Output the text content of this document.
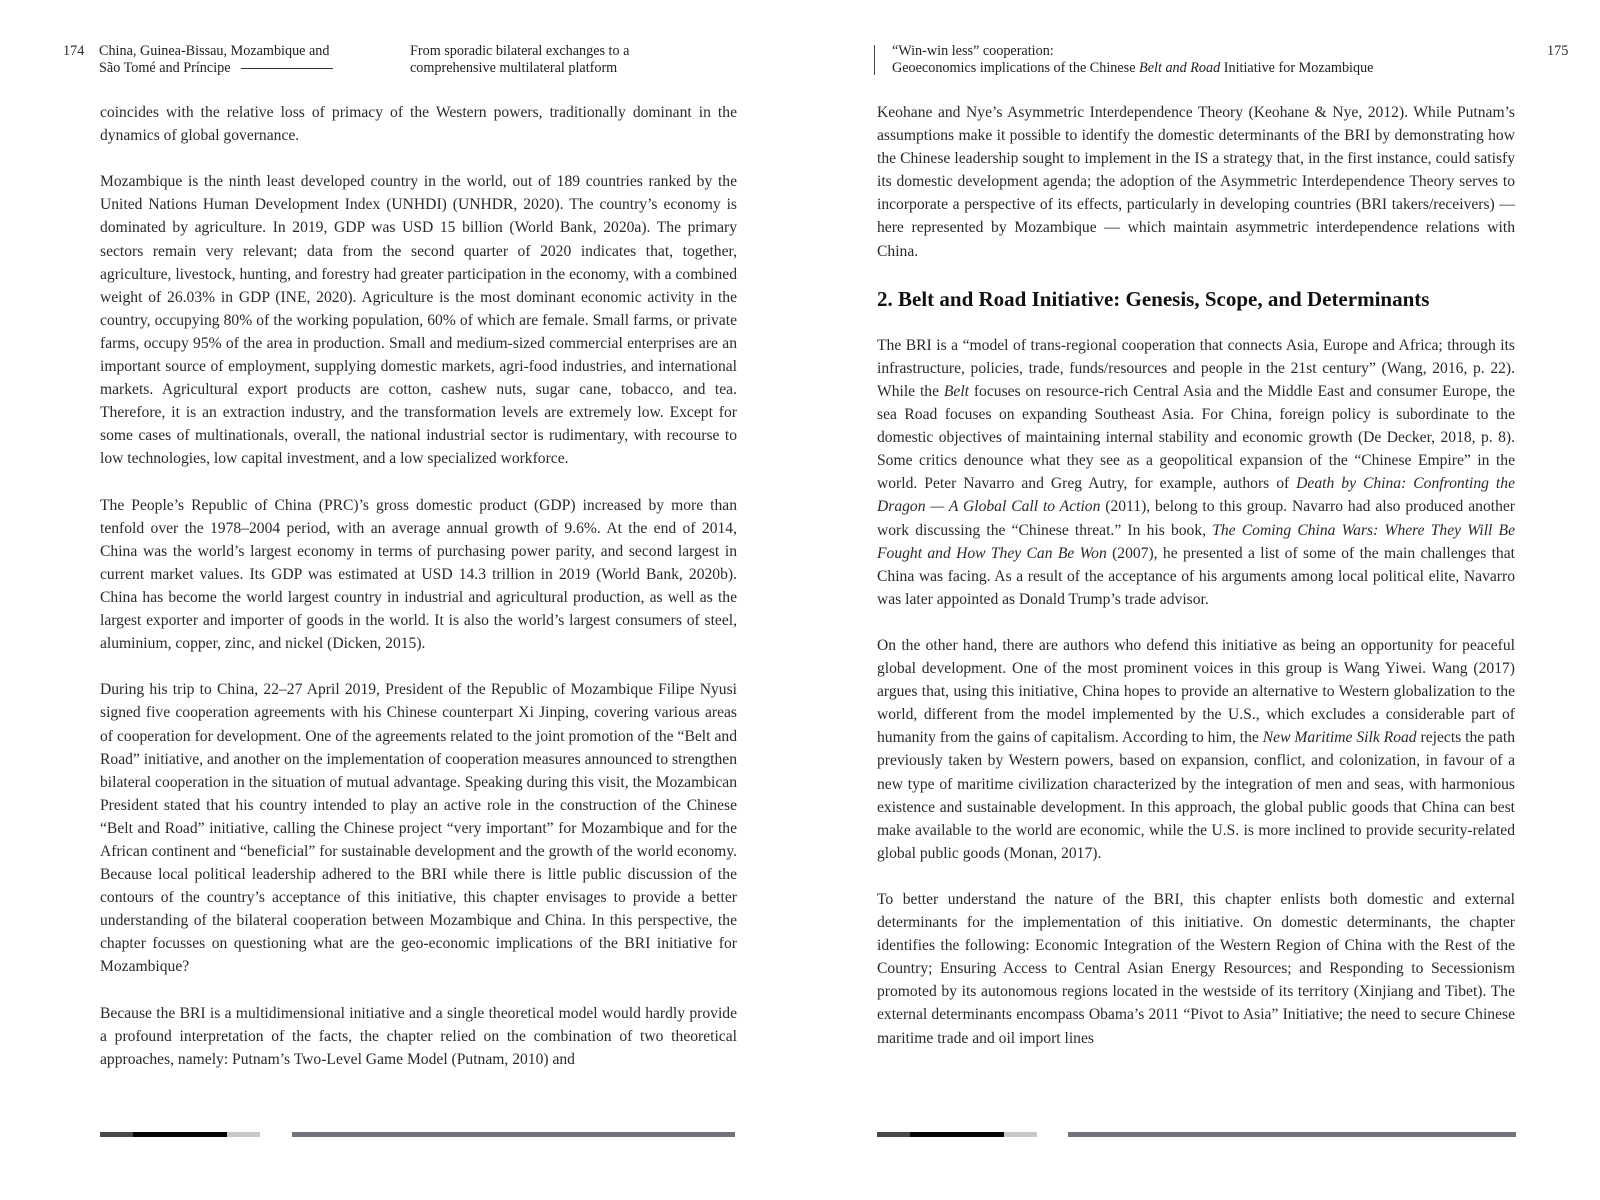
174 China, Guinea-Bissau, Mozambique and
São Tomé and Príncipe
From sporadic bilateral exchanges to a
comprehensive multilateral platform

coincides with the relative loss of primacy of the Western powers, traditionally dominant in the dynamics of global governance.

Mozambique is the ninth least developed country in the world, out of 189 countries ranked by the United Nations Human Development Index (UNHDI) (UNHDR, 2020). The country’s economy is dominated by agriculture. In 2019, GDP was USD 15 billion (World Bank, 2020a). The primary sectors remain very relevant; data from the second quarter of 2020 indicates that, together, agriculture, livestock, hunting, and forestry had greater participation in the economy, with a combined weight of 26.03% in GDP (INE, 2020). Agriculture is the most dominant economic activity in the country, occupying 80% of the working population, 60% of which are female. Small farms, or private farms, occupy 95% of the area in production. Small and medium-sized commercial enterprises are an important source of employment, supplying domestic markets, agri-food industries, and international markets. Agricultural export products are cotton, cashew nuts, sugar cane, tobacco, and tea. Therefore, it is an extraction industry, and the transformation levels are extremely low. Except for some cases of multinationals, overall, the national industrial sector is rudimentary, with recourse to low technologies, low capital investment, and a low specialized workforce.

The People’s Republic of China (PRC)’s gross domestic product (GDP) increased by more than tenfold over the 1978–2004 period, with an average annual growth of 9.6%. At the end of 2014, China was the world’s largest economy in terms of purchasing power parity, and second largest in current market values. Its GDP was estimated at USD 14.3 trillion in 2019 (World Bank, 2020b). China has become the world largest country in industrial and agricultural production, as well as the largest exporter and importer of goods in the world. It is also the world’s largest consumers of steel, aluminium, copper, zinc, and nickel (Dicken, 2015).

During his trip to China, 22–27 April 2019, President of the Republic of Mozambique Filipe Nyusi signed five cooperation agreements with his Chinese counterpart Xi Jinping, covering various areas of cooperation for development. One of the agreements related to the joint promotion of the “Belt and Road” initiative, and another on the implementation of cooperation measures announced to strengthen bilateral cooperation in the situation of mutual advantage. Speaking during this visit, the Mozambican President stated that his country intended to play an active role in the construction of the Chinese “Belt and Road” initiative, calling the Chinese project “very important” for Mozambique and for the African continent and “beneficial” for sustainable development and the growth of the world economy. Because local political leadership adhered to the BRI while there is little public discussion of the contours of the country’s acceptance of this initiative, this chapter envisages to provide a better understanding of the bilateral cooperation between Mozambique and China. In this perspective, the chapter focusses on questioning what are the geo-economic implications of the BRI initiative for Mozambique?

Because the BRI is a multidimensional initiative and a single theoretical model would hardly provide a profound interpretation of the facts, the chapter relied on the combination of two theoretical approaches, namely: Putnam’s Two-Level Game Model (Putnam, 2010) and

“Win-win less” cooperation:
Geoeconomics implications of the Chinese Belt and Road Initiative for Mozambique
175

Keohane and Nye’s Asymmetric Interdependence Theory (Keohane & Nye, 2012). While Putnam’s assumptions make it possible to identify the domestic determinants of the BRI by demonstrating how the Chinese leadership sought to implement in the IS a strategy that, in the first instance, could satisfy its domestic development agenda; the adoption of the Asymmetric Interdependence Theory serves to incorporate a perspective of its effects, particularly in developing countries (BRI takers/receivers) — here represented by Mozambique — which maintain asymmetric interdependence relations with China.

2. Belt and Road Initiative: Genesis, Scope, and Determinants

The BRI is a “model of trans-regional cooperation that connects Asia, Europe and Africa; through its infrastructure, policies, trade, funds/resources and people in the 21st century” (Wang, 2016, p. 22). While the Belt focuses on resource-rich Central Asia and the Middle East and consumer Europe, the sea Road focuses on expanding Southeast Asia. For China, foreign policy is subordinate to the domestic objectives of maintaining internal stability and economic growth (De Decker, 2018, p. 8). Some critics denounce what they see as a geopolitical expansion of the “Chinese Empire” in the world. Peter Navarro and Greg Autry, for example, authors of Death by China: Confronting the Dragon — A Global Call to Action (2011), belong to this group. Navarro had also produced another work discussing the “Chinese threat.” In his book, The Coming China Wars: Where They Will Be Fought and How They Can Be Won (2007), he presented a list of some of the main challenges that China was facing. As a result of the acceptance of his arguments among local political elite, Navarro was later appointed as Donald Trump’s trade advisor.

On the other hand, there are authors who defend this initiative as being an opportunity for peaceful global development. One of the most prominent voices in this group is Wang Yiwei. Wang (2017) argues that, using this initiative, China hopes to provide an alternative to Western globalization to the world, different from the model implemented by the U.S., which excludes a considerable part of humanity from the gains of capitalism. According to him, the New Maritime Silk Road rejects the path previously taken by Western powers, based on expansion, conflict, and colonization, in favour of a new type of maritime civilization characterized by the integration of men and seas, with harmonious existence and sustainable development. In this approach, the global public goods that China can best make available to the world are economic, while the U.S. is more inclined to provide security-related global public goods (Monan, 2017).

To better understand the nature of the BRI, this chapter enlists both domestic and external determinants for the implementation of this initiative. On domestic determinants, the chapter identifies the following: Economic Integration of the Western Region of China with the Rest of the Country; Ensuring Access to Central Asian Energy Resources; and Responding to Secessionism promoted by its autonomous regions located in the westside of its territory (Xinjiang and Tibet). The external determinants encompass Obama’s 2011 “Pivot to Asia” Initiative; the need to secure Chinese maritime trade and oil import lines
